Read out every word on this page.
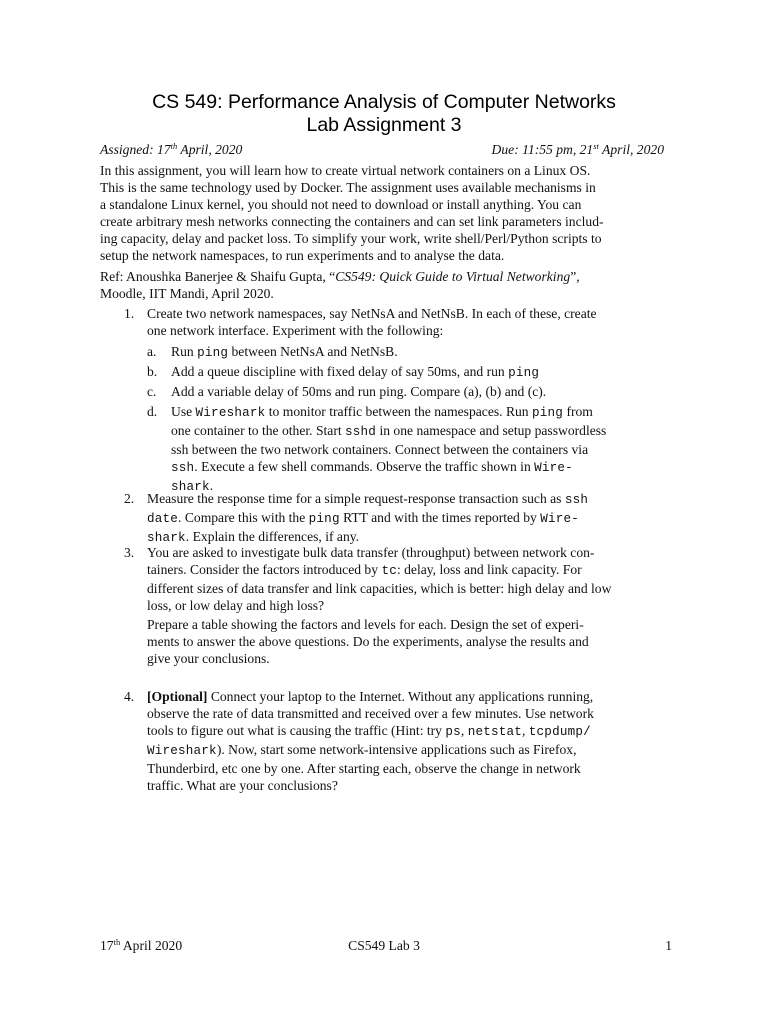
CS 549: Performance Analysis of Computer Networks
Lab Assignment 3
Assigned: 17th April, 2020	Due: 11:55 pm, 21st April, 2020
In this assignment, you will learn how to create virtual network containers on a Linux OS.
This is the same technology used by Docker. The assignment uses available mechanisms in
a standalone Linux kernel, you should not need to download or install anything. You can
create arbitrary mesh networks connecting the containers and can set link parameters includ-
ing capacity, delay and packet loss. To simplify your work, write shell/Perl/Python scripts to
setup the network namespaces, to run experiments and to analyse the data.
Ref: Anoushka Banerjee & Shaifu Gupta, “CS549: Quick Guide to Virtual Networking”,
Moodle, IIT Mandi, April 2020.
1. Create two network namespaces, say NetNsA and NetNsB. In each of these, create
one network interface. Experiment with the following:
a.	Run ping between NetNsA and NetNsB.
b.	Add a queue discipline with fixed delay of say 50ms, and run ping
c.	Add a variable delay of 50ms and run ping. Compare (a), (b) and (c).
d.	Use Wireshark to monitor traffic between the namespaces. Run ping from
one container to the other. Start sshd in one namespace and setup passwordless
ssh between the two network containers. Connect between the containers via
ssh. Execute a few shell commands. Observe the traffic shown in Wire-
shark.
2. Measure the response time for a simple request-response transaction such as ssh
date. Compare this with the ping RTT and with the times reported by Wire-
shark. Explain the differences, if any.
3. You are asked to investigate bulk data transfer (throughput) between network con-
tainers. Consider the factors introduced by tc: delay, loss and link capacity. For
different sizes of data transfer and link capacities, which is better: high delay and low
loss, or low delay and high loss?
Prepare a table showing the factors and levels for each. Design the set of experi-
ments to answer the above questions. Do the experiments, analyse the results and
give your conclusions.
4. [Optional] Connect your laptop to the Internet. Without any applications running,
observe the rate of data transmitted and received over a few minutes. Use network
tools to figure out what is causing the traffic (Hint: try ps, netstat, tcpdump/
Wireshark). Now, start some network-intensive applications such as Firefox,
Thunderbird, etc one by one. After starting each, observe the change in network
traffic. What are your conclusions?
17th April 2020	CS549 Lab 3	1
